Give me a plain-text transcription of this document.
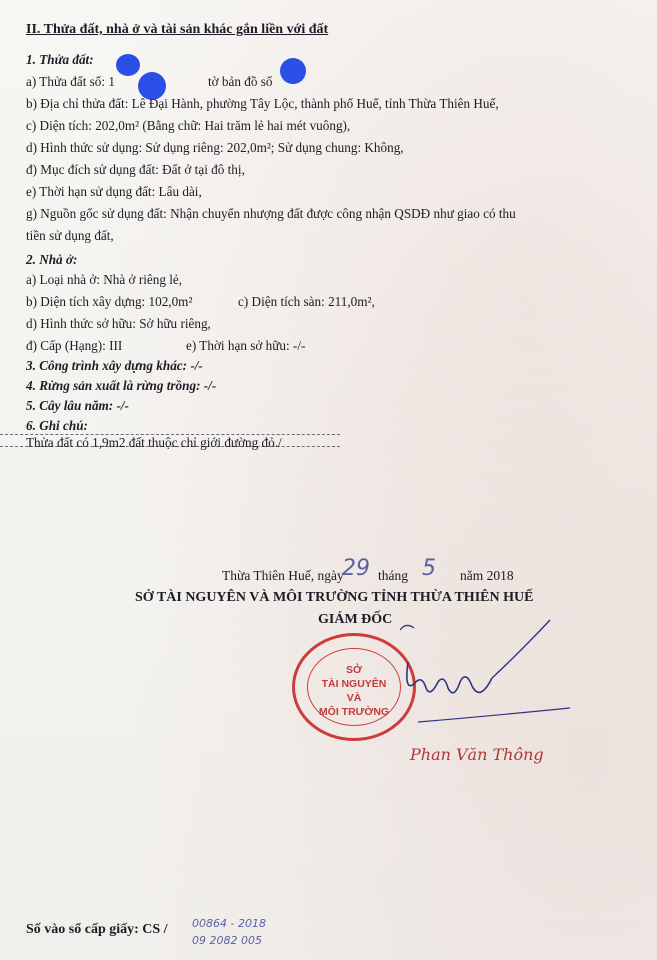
II. Thửa đất, nhà ở và tài sản khác gắn liền với đất
1. Thửa đất:
a) Thửa đất số: 1	tờ bản đồ số
b) Địa chỉ thửa đất: Lê Đại Hành, phường Tây Lộc, thành phố Huế, tỉnh Thừa Thiên Huế,
c) Diện tích: 202,0m² (Bằng chữ: Hai trăm lẻ hai mét vuông),
d) Hình thức sử dụng: Sử dụng riêng: 202,0m²; Sử dụng chung: Không,
đ) Mục đích sử dụng đất: Đất ở tại đô thị,
e) Thời hạn sử dụng đất: Lâu dài,
g) Nguồn gốc sử dụng đất: Nhận chuyển nhượng đất được công nhận QSDĐ như giao có thu
tiền sử dụng đất,
2. Nhà ở:
a) Loại nhà ở: Nhà ở riêng lẻ,
b) Diện tích xây dựng: 102,0m²	c) Diện tích sàn: 211,0m²,
d) Hình thức sở hữu: Sở hữu riêng,
đ) Cấp (Hạng): III	e) Thời hạn sở hữu: -/-
3. Công trình xây dựng khác: -/-
4. Rừng sản xuất là rừng trồng: -/-
5. Cây lâu năm: -/-
6. Ghi chú:
Thửa đất có 1,9m2 đất thuộc chỉ giới đường đỏ./
Thừa Thiên Huế, ngày
29 tháng 5 năm 2018
SỞ TÀI NGUYÊN VÀ MÔI TRƯỜNG TỈNH THỪA THIÊN HUẾ
GIÁM ĐỐC
SỞ
TÀI NGUYÊN
VÀ
MÔI TRƯỜNG
Phan Văn Thông
Số vào sổ cấp giấy: CS / 00864 - 2018
09 2082 005
